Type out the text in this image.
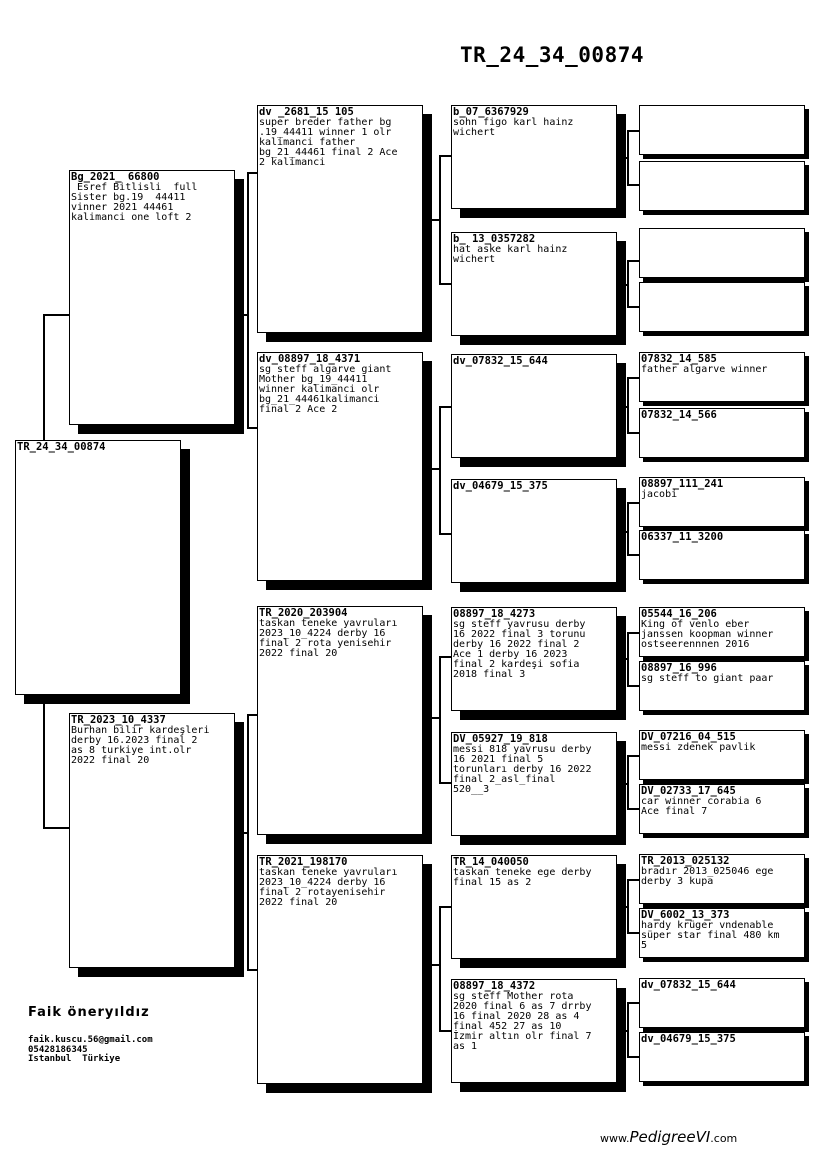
TR_24_34_00874
TR_24_34_00874
Bg_2021_ 66800
Esref Bitlisli  full
Sister bg.19  44411
vinner 2021 44461
kalimanci one loft 2
TR_2023_10_4337
Burhan bilir kardeşleri
derby 16.2023 final 2
as 8 turkiye int.olr
2022 final 20
dv _2681_15 105
super breder father bg
.19_44411 winner 1 olr
kalimanci father
bg_21_44461 final 2 Ace
2 kalimanci
dv_08897_18_4371
sg steff algarve giant
Mother bg_19_44411
winner kalimanci olr
bg_21_44461kalimanci
final 2 Ace 2
TR_2020_203904
taskan teneke yavruları
2023_10_4224 derby 16
final 2 rota yenisehir
2022 final 20
TR_2021_198170
taskan teneke yavruları
2023_10_4224 derby 16
final 2 rotayenisehir
2022 final 20
b_07_6367929
sohn figo karl hainz
wichert
b_ 13_0357282
hat aske karl hainz
wichert
dv_07832_15_644
dv_04679_15_375
08897_18_4273
sg steff yavrusu derby
16 2022 final 3 torunu
derby 16 2022 final 2
Ace 1 derby 16 2023
final 2 kardeşi sofia
2018 final 3
DV_05927_19_818
messi 818 yavrusu derby
16 2021 final 5
torunları derby 16 2022
final 2_asl_final
520__3
TR_14_040050
taskan teneke ege derby
final 15 as 2
08897_18_4372
sg steff Mother rota
2020 final 6 as 7 drrby
16 final 2020 28 as 4
final 452 27 as 10
İzmir altın olr final 7
as 1
07832_14_585
father algarve winner
07832_14_566
08897_111_241
jacobi
06337_11_3200
05544_16_206
King of venlo eber
janssen koopman winner
ostseerennnen 2016
08897_16_996
sg steff to giant paar
DV_07216_04_515
messi zdenek pavlik
DV_02733_17_645
car winner corabia 6
Ace final 7
TR_2013_025132
bradır 2013_025046 ege
derby 3 kupa
DV_6002_13_373
hardy krüger vndenable
süper star final 480 km
5
dv_07832_15_644
dv_04679_15_375
Faik öneryıldız
faik.kuscu.56@gmail.com
05428186345
Istanbul  Türkiye
www.PedigreeVI.com
